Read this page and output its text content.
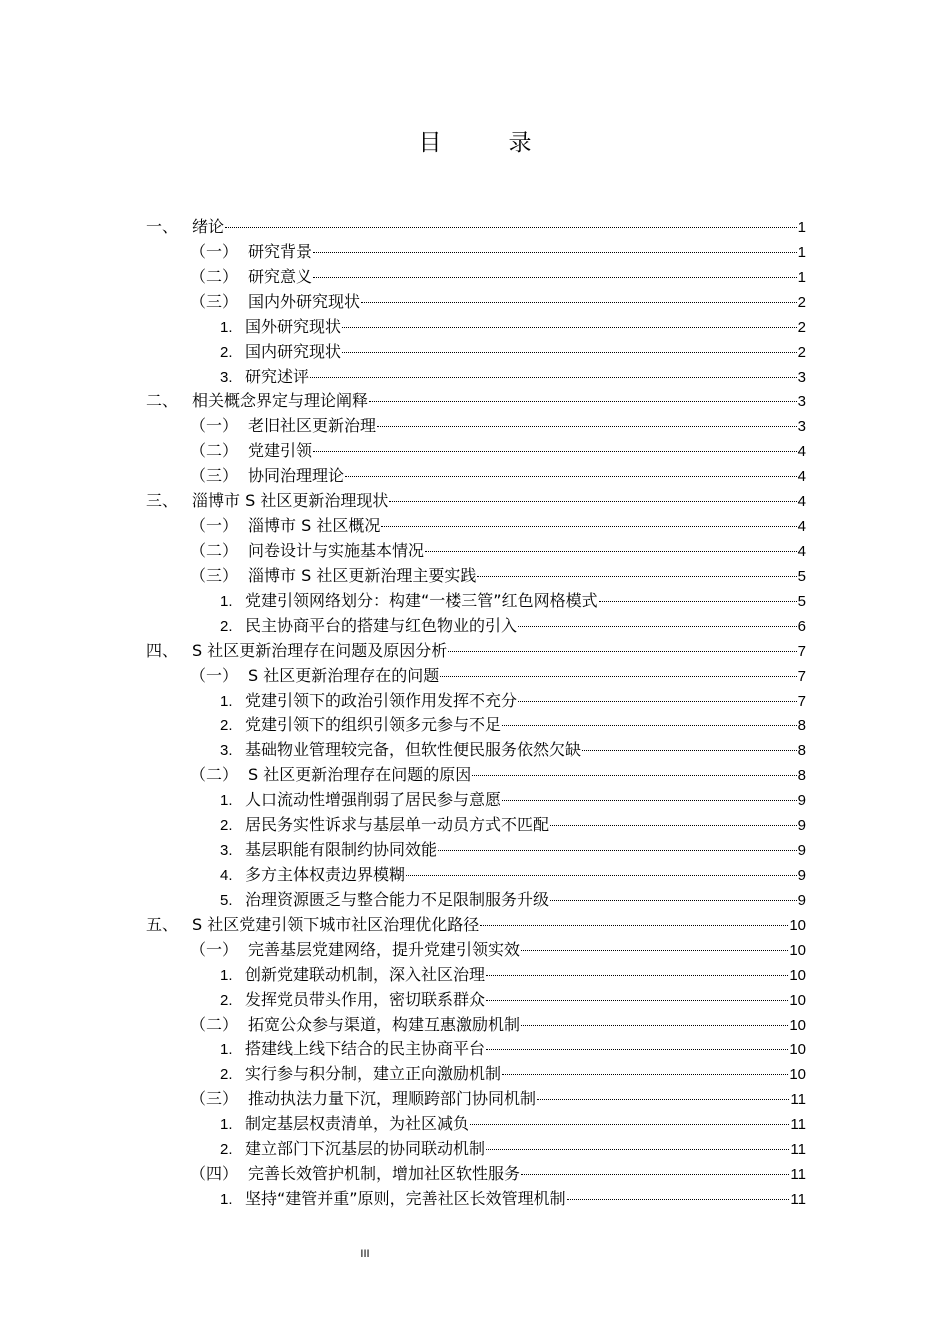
目　录
一、 绪论	1
（一） 研究背景	1
（二） 研究意义	1
（三） 国内外研究现状	2
1. 国外研究现状	2
2. 国内研究现状	2
3. 研究述评	3
二、 相关概念界定与理论阐释	3
（一） 老旧社区更新治理	3
（二） 党建引领	4
（三） 协同治理理论	4
三、 淄博市 S 社区更新治理现状	4
（一） 淄博市 S 社区概况	4
（二） 问卷设计与实施基本情况	4
（三） 淄博市 S 社区更新治理主要实践	5
1. 党建引领网络划分：构建“一楼三管”红色网格模式	5
2. 民主协商平台的搭建与红色物业的引入	6
四、 S 社区更新治理存在问题及原因分析	7
（一） S 社区更新治理存在的问题	7
1. 党建引领下的政治引领作用发挥不充分	7
2. 党建引领下的组织引领多元参与不足	8
3. 基础物业管理较完备，但软性便民服务依然欠缺	8
（二） S 社区更新治理存在问题的原因	8
1. 人口流动性增强削弱了居民参与意愿	9
2. 居民务实性诉求与基层单一动员方式不匹配	9
3. 基层职能有限制约协同效能	9
4. 多方主体权责边界模糊	9
5. 治理资源匮乏与整合能力不足限制服务升级	9
五、 S 社区党建引领下城市社区治理优化路径	10
（一） 完善基层党建网络，提升党建引领实效	10
1. 创新党建联动机制，深入社区治理	10
2. 发挥党员带头作用，密切联系群众	10
（二） 拓宽公众参与渠道，构建互惠激励机制	10
1. 搭建线上线下结合的民主协商平台	10
2. 实行参与积分制，建立正向激励机制	10
（三） 推动执法力量下沉，理顺跨部门协同机制	11
1. 制定基层权责清单，为社区减负	11
2. 建立部门下沉基层的协同联动机制	11
（四） 完善长效管护机制，增加社区软性服务	11
1. 坚持“建管并重”原则，完善社区长效管理机制	11
III
